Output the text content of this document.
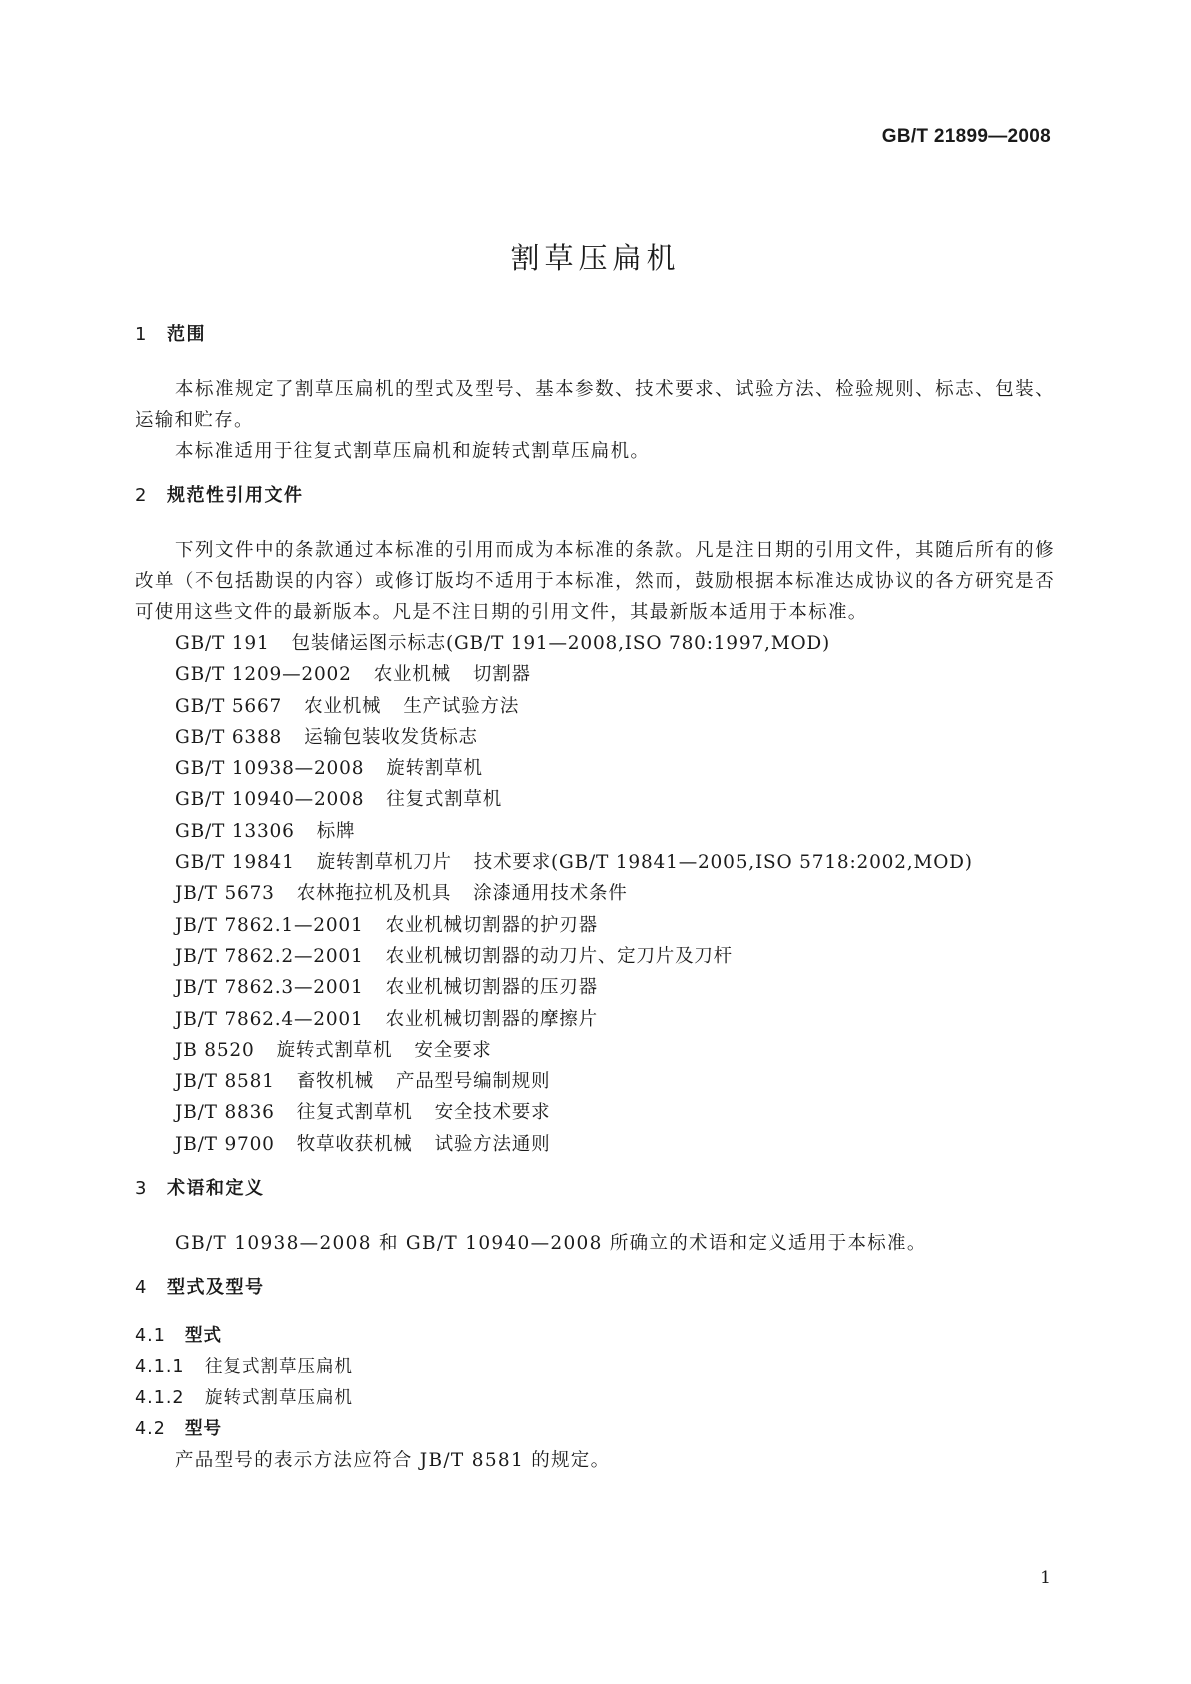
GB/T 21899—2008
割草压扁机
1 范围
本标准规定了割草压扁机的型式及型号、基本参数、技术要求、试验方法、检验规则、标志、包装、运输和贮存。
本标准适用于往复式割草压扁机和旋转式割草压扁机。
2 规范性引用文件
下列文件中的条款通过本标准的引用而成为本标准的条款。凡是注日期的引用文件，其随后所有的修改单（不包括勘误的内容）或修订版均不适用于本标准，然而，鼓励根据本标准达成协议的各方研究是否可使用这些文件的最新版本。凡是不注日期的引用文件，其最新版本适用于本标准。
GB/T 191 包装储运图示标志(GB/T 191—2008,ISO 780:1997,MOD)
GB/T 1209—2002 农业机械 切割器
GB/T 5667 农业机械 生产试验方法
GB/T 6388 运输包装收发货标志
GB/T 10938—2008 旋转割草机
GB/T 10940—2008 往复式割草机
GB/T 13306 标牌
GB/T 19841 旋转割草机刀片 技术要求(GB/T 19841—2005,ISO 5718:2002,MOD)
JB/T 5673 农林拖拉机及机具 涂漆通用技术条件
JB/T 7862.1—2001 农业机械切割器的护刃器
JB/T 7862.2—2001 农业机械切割器的动刀片、定刀片及刀杆
JB/T 7862.3—2001 农业机械切割器的压刃器
JB/T 7862.4—2001 农业机械切割器的摩擦片
JB 8520 旋转式割草机 安全要求
JB/T 8581 畜牧机械 产品型号编制规则
JB/T 8836 往复式割草机 安全技术要求
JB/T 9700 牧草收获机械 试验方法通则
3 术语和定义
GB/T 10938—2008 和 GB/T 10940—2008 所确立的术语和定义适用于本标准。
4 型式及型号
4.1 型式
4.1.1 往复式割草压扁机
4.1.2 旋转式割草压扁机
4.2 型号
产品型号的表示方法应符合 JB/T 8581 的规定。
1
